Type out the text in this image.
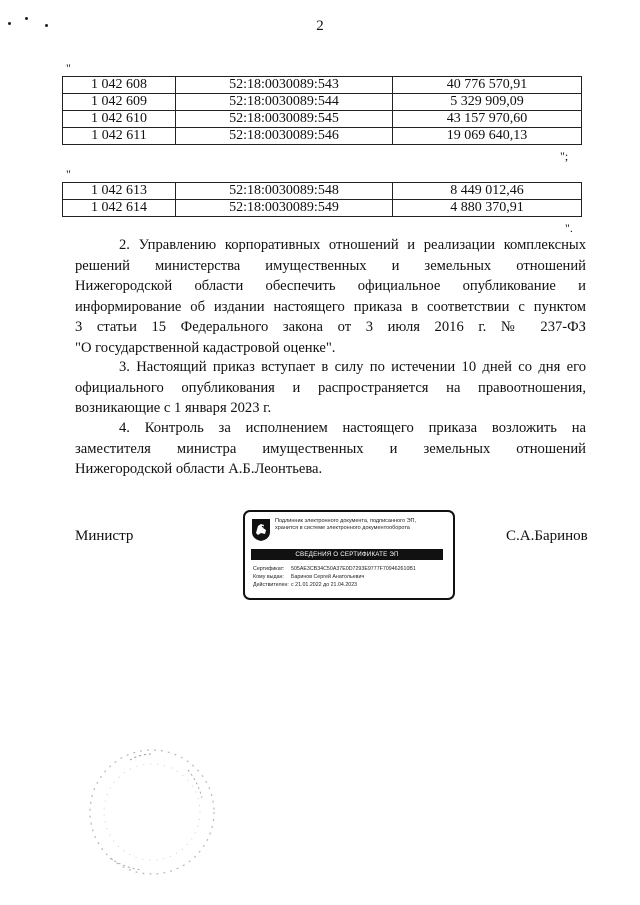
2
"
1 042 608	52:18:0030089:543	40 776 570,91
1 042 609	52:18:0030089:544	5 329 909,09
1 042 610	52:18:0030089:545	43 157 970,60
1 042 611	52:18:0030089:546	19 069 640,13
";
"
1 042 613	52:18:0030089:548	8 449 012,46
1 042 614	52:18:0030089:549	4 880 370,91
".
2. Управлению корпоративных отношений и реализации комплексных
решений министерства имущественных и земельных отношений
Нижегородской области обеспечить официальное опубликование и
информирование об издании настоящего приказа в соответствии с пунктом
3 статьи 15 Федерального закона от 3 июля 2016 г. № 237-ФЗ
"О государственной кадастровой оценке".
3. Настоящий приказ вступает в силу по истечении 10 дней со дня его
официального опубликования и распространяется на правоотношения,
возникающие с 1 января 2023 г.
4. Контроль за исполнением настоящего приказа возложить на
заместителя министра имущественных и земельных отношений
Нижегородской области А.Б.Леонтьева.
Министр	С.А.Баринов
Подлинник электронного документа, подписанного ЭП,
хранится в системе электронного документооборота
СВЕДЕНИЯ О СЕРТИФИКАТЕ ЭП
Сертификат: 505AE3CB34C50A37E0D7293E9777F709462610B1
Кому выдан: Баринов Сергей Анатольевич
Действителен: с 21.01.2022 до 21.04.2023
